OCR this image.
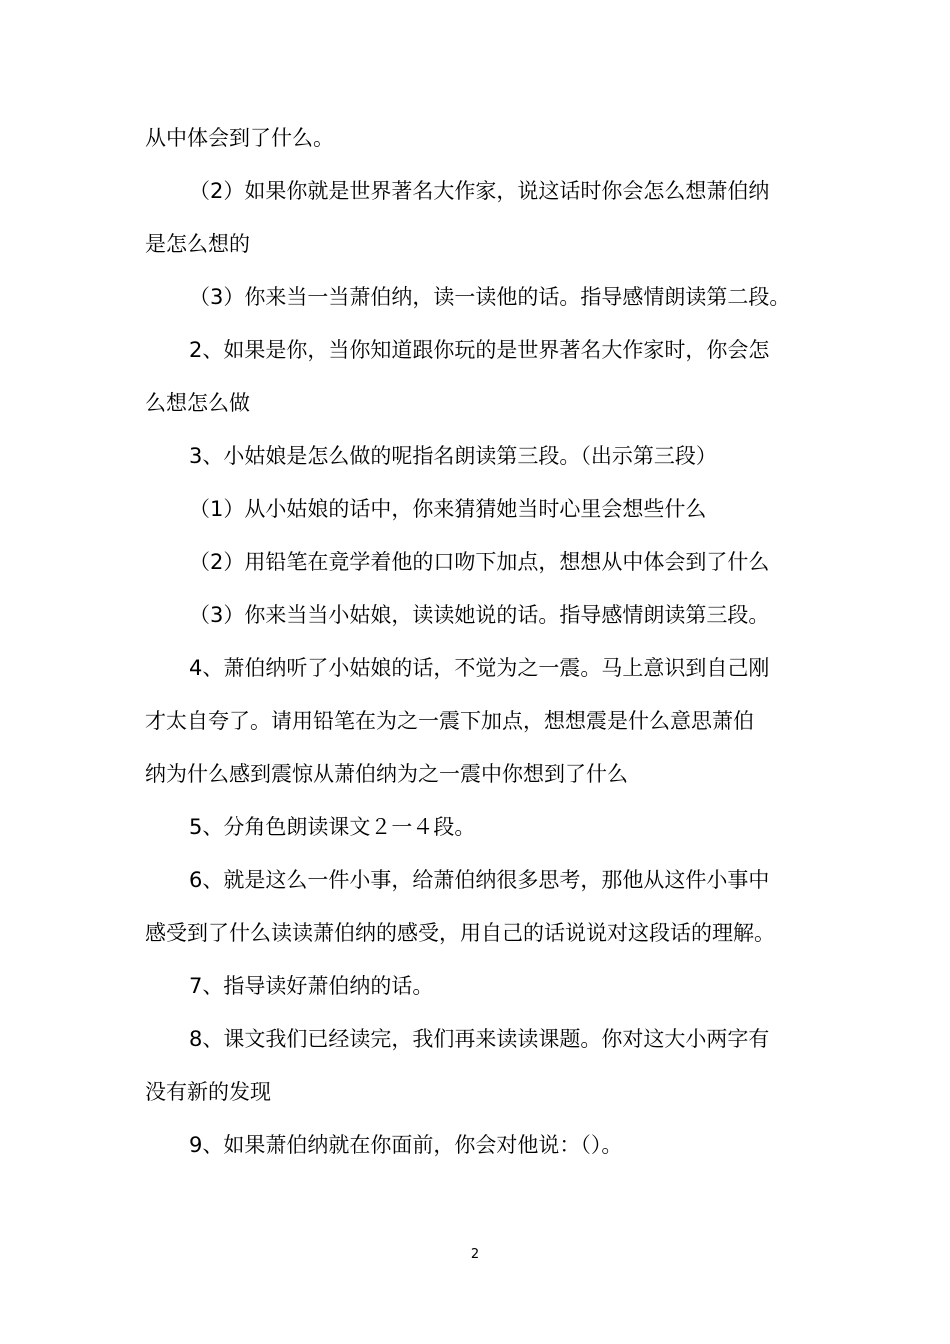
从中体会到了什么。
（2）如果你就是世界著名大作家，说这话时你会怎么想萧伯纳
是怎么想的
（3）你来当一当萧伯纳，读一读他的话。指导感情朗读第二段。
2、如果是你，当你知道跟你玩的是世界著名大作家时，你会怎
么想怎么做
3、小姑娘是怎么做的呢指名朗读第三段。（出示第三段）
（1）从小姑娘的话中，你来猜猜她当时心里会想些什么
（2）用铅笔在竟学着他的口吻下加点，想想从中体会到了什么
（3）你来当当小姑娘，读读她说的话。指导感情朗读第三段。
4、萧伯纳听了小姑娘的话，不觉为之一震。马上意识到自己刚
才太自夸了。请用铅笔在为之一震下加点，想想震是什么意思萧伯
纳为什么感到震惊从萧伯纳为之一震中你想到了什么
5、分角色朗读课文２一４段。
6、就是这么一件小事，给萧伯纳很多思考，那他从这件小事中
感受到了什么读读萧伯纳的感受，用自己的话说说对这段话的理解。
7、指导读好萧伯纳的话。
8、课文我们已经读完，我们再来读读课题。你对这大小两字有
没有新的发现
9、如果萧伯纳就在你面前，你会对他说：（）。
2
